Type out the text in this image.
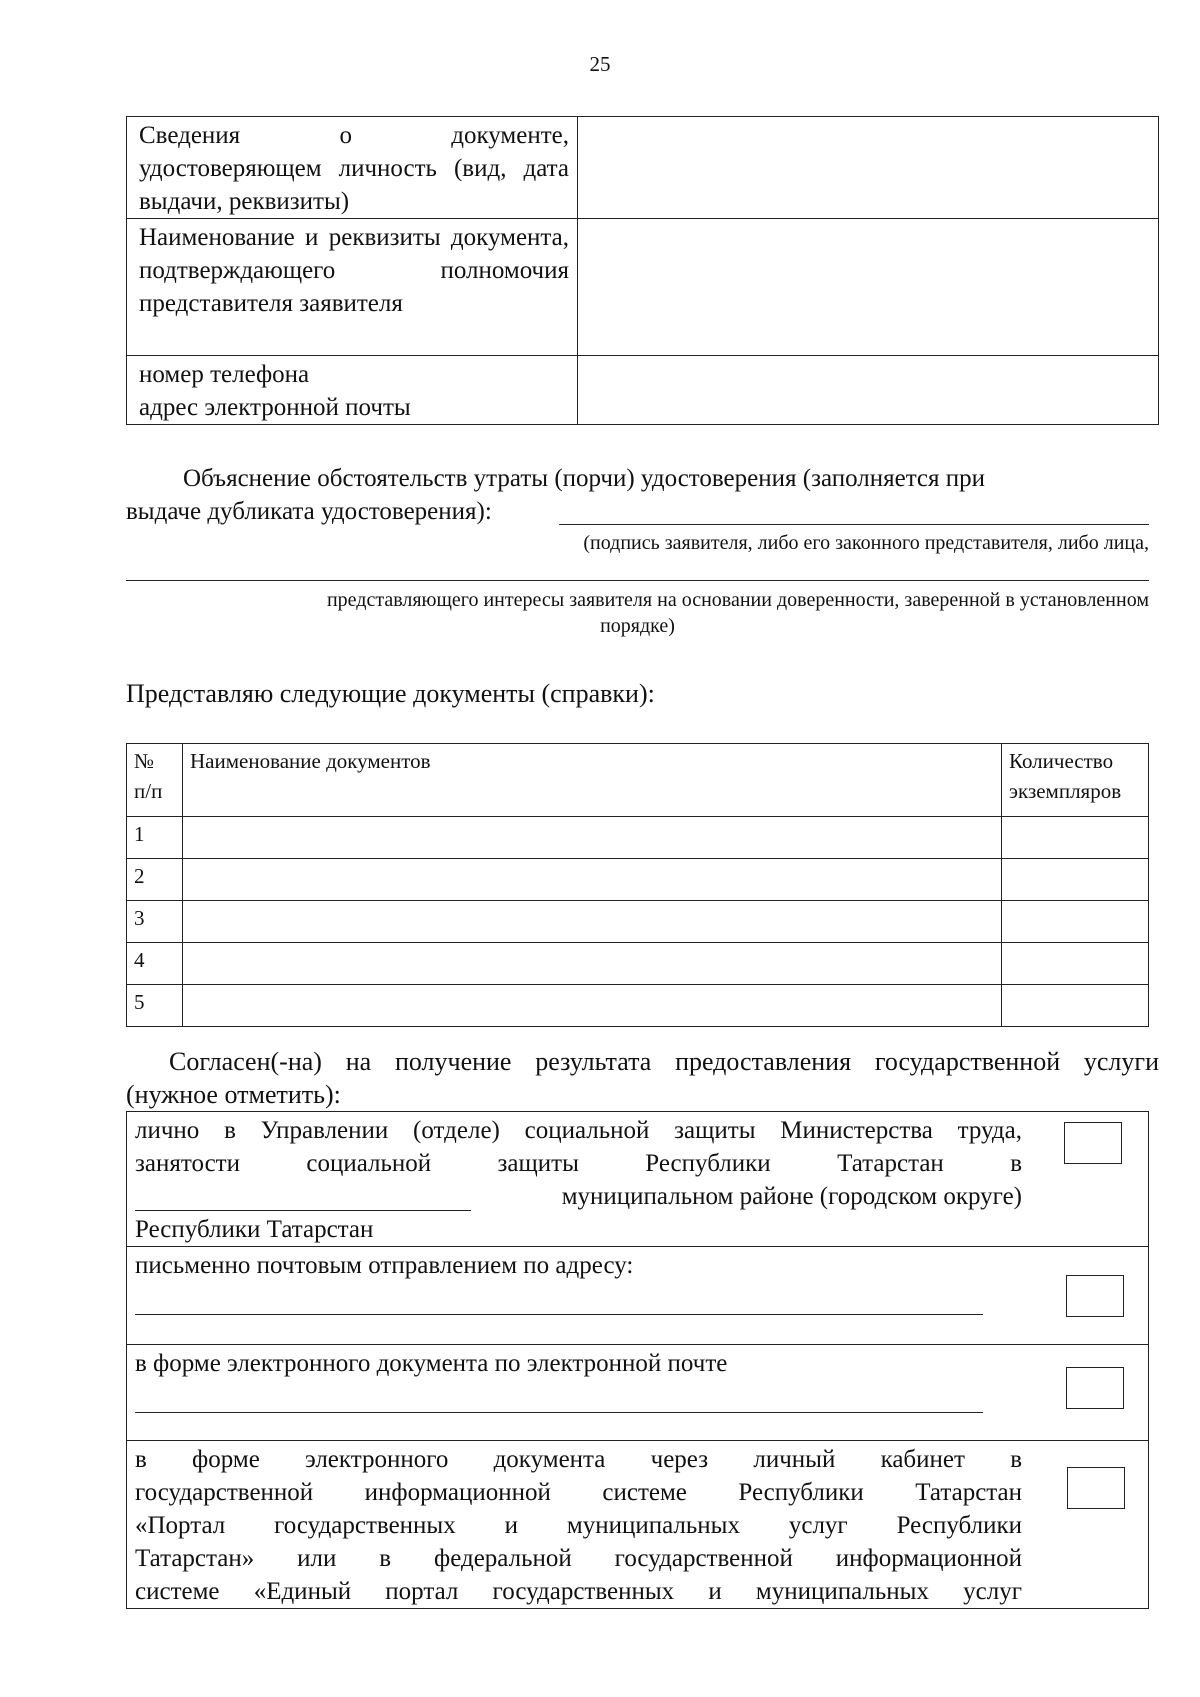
25
Сведения о документе, удостоверяющем личность (вид, дата выдачи, реквизиты)	
Наименование и реквизиты документа, подтверждающего полномочия представителя заявителя	

номер телефона
адрес электронной почты	

Объяснение обстоятельств утраты (порчи) удостоверения (заполняется при
выдаче дубликата удостоверения):
(подпись заявителя, либо его законного представителя, либо лица,
представляющего интересы заявителя на основании доверенности, заверенной в установленном
порядке)
Представляю следующие документы (справки):
№ п/п	Наименование документов	Количество экземпляров
1		
2		
3		
4		
5		
Согласен(-на) на получение результата предоставления государственной услуги
(нужное отметить):
лично в Управлении (отделе) социальной защиты Министерства труда,
занятости социальной защиты Республики Татарстан в
муниципальном районе (городском округе)
Республики Татарстан	

письменно почтовым отправлением по адресу:	

в форме электронного документа по электронной почте	

в форме электронного документа через личный кабинет в
государственной информационной системе Республики Татарстан
«Портал государственных и муниципальных услуг Республики
Татарстан» или в федеральной государственной информационной
системе «Единый портал государственных и муниципальных услуг	
